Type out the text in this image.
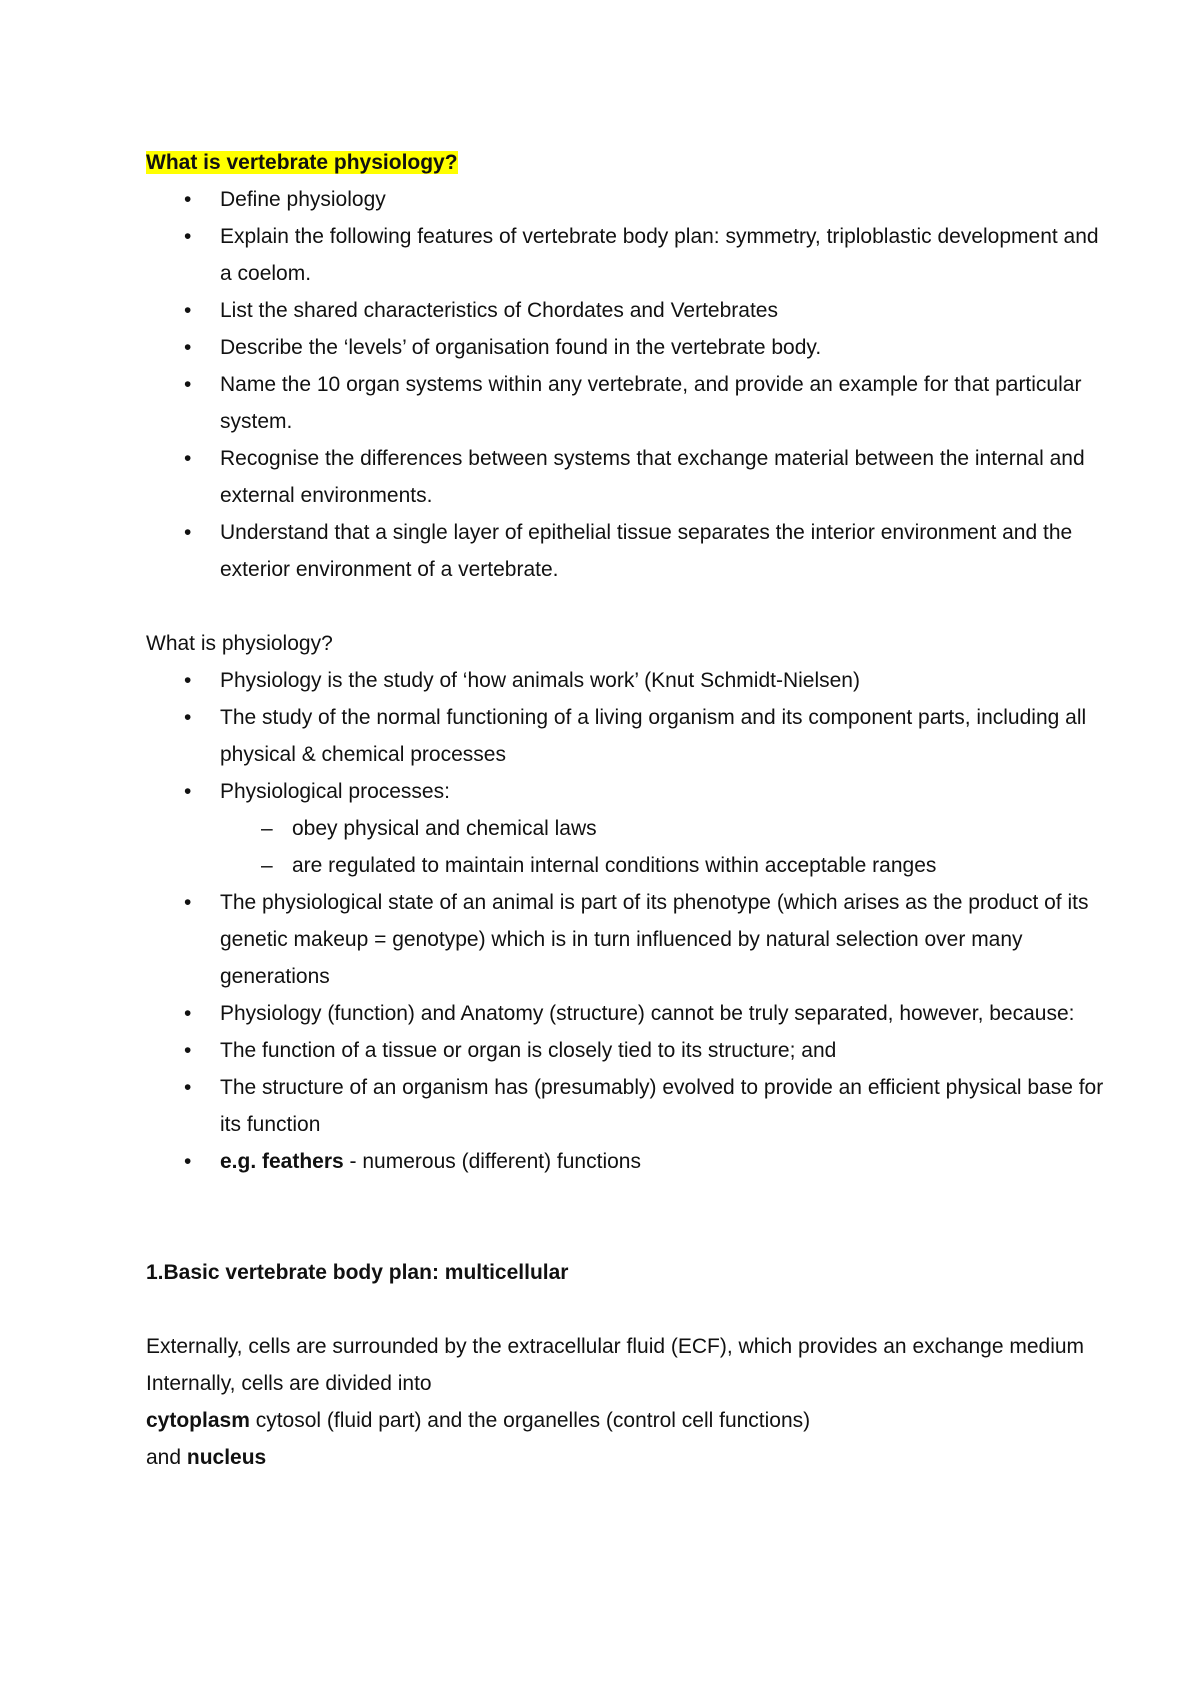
What is vertebrate physiology?

• Define physiology
• Explain the following features of vertebrate body plan: symmetry, triploblastic development and a coelom.
• List the shared characteristics of Chordates and Vertebrates
• Describe the ‘levels’ of organisation found in the vertebrate body.
• Name the 10 organ systems within any vertebrate, and provide an example for that particular system.
• Recognise the differences between systems that exchange material between the internal and external environments.
• Understand that a single layer of epithelial tissue separates the interior environment and the exterior environment of a vertebrate.

What is physiology?

• Physiology is the study of ‘how animals work’ (Knut Schmidt-Nielsen)
• The study of the normal functioning of a living organism and its component parts, including all physical & chemical processes
• Physiological processes:
– obey physical and chemical laws
– are regulated to maintain internal conditions within acceptable ranges
• The physiological state of an animal is part of its phenotype (which arises as the product of its genetic makeup = genotype) which is in turn influenced by natural selection over many generations
• Physiology (function) and Anatomy (structure) cannot be truly separated, however, because:
• The function of a tissue or organ is closely tied to its structure; and
• The structure of an organism has (presumably) evolved to provide an efficient physical base for its function
• e.g. feathers - numerous (different) functions

1.Basic vertebrate body plan: multicellular

Externally, cells are surrounded by the extracellular fluid (ECF), which provides an exchange medium

Internally, cells are divided into

cytoplasm cytosol (fluid part) and the organelles (control cell functions)

and nucleus
